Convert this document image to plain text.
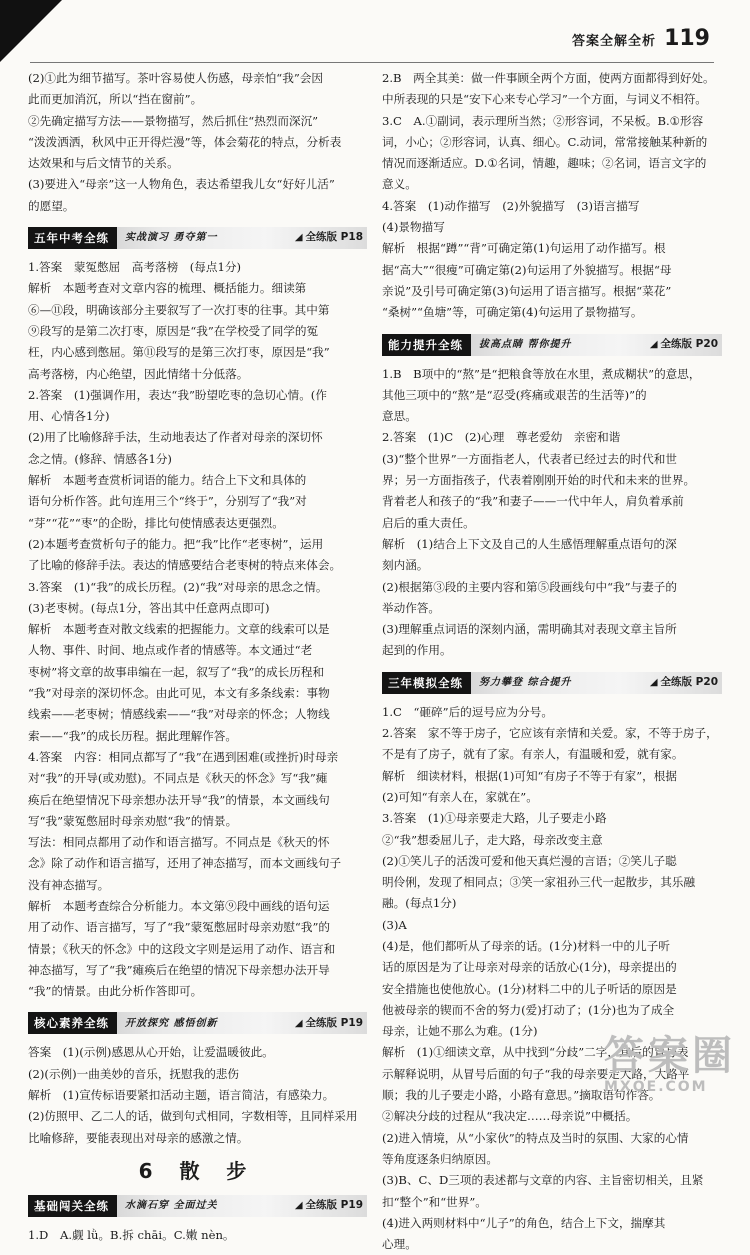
答案全解全析 119

(2)①此为细节描写。茶叶容易使人伤感，母亲怕“我”会因

此而更加消沉，所以“挡在窗前”。

②先确定描写方法——景物描写，然后抓住“热烈而深沉”

“泼泼洒洒，秋风中正开得烂漫”等，体会菊花的特点，分析表

达效果和与后文情节的关系。

(3)要进入“母亲”这一人物角色，表达希望我儿女“好好儿活”

的愿望。

五年中考全练	实战演习 勇夺第一	◢ 全练版 P18

1.答案　蒙冤憋屈　高考落榜　(每点1分)

解析　本题考查对文章内容的梳理、概括能力。细读第

⑥—⑪段，明确该部分主要叙写了一次打枣的往事。其中第

⑨段写的是第二次打枣，原因是“我”在学校受了同学的冤

枉，内心感到憋屈。第⑪段写的是第三次打枣，原因是“我”

高考落榜，内心绝望，因此情绪十分低落。

2.答案　(1)强调作用，表达“我”盼望吃枣的急切心情。(作

用、心情各1分)

(2)用了比喻修辞手法，生动地表达了作者对母亲的深切怀

念之情。(修辞、情感各1分)

解析　本题考查赏析词语的能力。结合上下文和具体的

语句分析作答。此句连用三个“终于”，分别写了“我”对

“芽”“花”“枣”的企盼，排比句使情感表达更强烈。

(2)本题考查赏析句子的能力。把“我”比作“老枣树”，运用

了比喻的修辞手法。表达的情感要结合老枣树的特点来体会。

3.答案　(1)“我”的成长历程。(2)“我”对母亲的思念之情。

(3)老枣树。(每点1分，答出其中任意两点即可)

解析　本题考查对散文线索的把握能力。文章的线索可以是

人物、事件、时间、地点或作者的情感等。本文通过“老

枣树”将文章的故事串编在一起，叙写了“我”的成长历程和

“我”对母亲的深切怀念。由此可见，本文有多条线索：事物

线索——老枣树；情感线索——“我”对母亲的怀念；人物线

索——“我”的成长历程。据此理解作答。

4.答案　内容：相同点都写了“我”在遇到困难(或挫折)时母亲

对“我”的开导(或劝慰)。不同点是《秋天的怀念》写“我”瘫

痪后在绝望情况下母亲想办法开导“我”的情景，本文画线句

写“我”蒙冤憋屈时母亲劝慰“我”的情景。

写法：相同点都用了动作和语言描写。不同点是《秋天的怀

念》除了动作和语言描写，还用了神态描写，而本文画线句子

没有神态描写。

解析　本题考查综合分析能力。本文第⑨段中画线的语句运

用了动作、语言描写，写了“我”蒙冤憋屈时母亲劝慰“我”的

情景；《秋天的怀念》中的这段文字则是运用了动作、语言和

神态描写，写了“我”瘫痪后在绝望的情况下母亲想办法开导

“我”的情景。由此分析作答即可。

核心素养全练	开放探究 感悟创新	◢ 全练版 P19

答案　(1)(示例)感恩从心开始，让爱温暖彼此。

(2)(示例)一曲美妙的音乐，抚慰我的悲伤

解析　(1)宣传标语要紧扣活动主题，语言简洁，有感染力。

(2)仿照甲、乙二人的话，做到句式相同，字数相等，且同样采用

比喻修辞，要能表现出对母亲的感激之情。

6 散 步
基础闯关全练	水滴石穿 全面过关	◢ 全练版 P19

1.D　A.觑 lǜ。B.拆 chāi。C.嫩 nèn。

2.B　两全其美：做一件事顾全两个方面，使两方面都得到好处。

中所表现的只是“安下心来专心学习”一个方面，与词义不相符。

3.C　A.①副词，表示理所当然；②形容词，不呆板。B.①形容

词，小心；②形容词，认真、细心。C.动词，常常接触某种新的

情况而逐渐适应。D.①名词，情趣，趣味；②名词，语言文字的

意义。

4.答案　(1)动作描写　(2)外貌描写　(3)语言描写

(4)景物描写

解析　根据“蹲”“背”可确定第(1)句运用了动作描写。根

据“高大”“很瘦”可确定第(2)句运用了外貌描写。根据“母

亲说”及引号可确定第(3)句运用了语言描写。根据“菜花”

“桑树”“鱼塘”等，可确定第(4)句运用了景物描写。

能力提升全练	拔高点睛 帮你提升	◢ 全练版 P20

1.B　B项中的“熬”是“把粮食等放在水里，煮成糊状”的意思，

其他三项中的“熬”是“忍受(疼痛或艰苦的生活等)”的

意思。

2.答案　(1)C　(2)心理　尊老爱幼　亲密和谐

(3)“整个世界”一方面指老人，代表者已经过去的时代和世

界；另一方面指孩子，代表着刚刚开始的时代和未来的世界。

背着老人和孩子的“我”和妻子——一代中年人，肩负着承前

启后的重大责任。

解析　(1)结合上下文及自己的人生感悟理解重点语句的深

刻内涵。

(2)根据第③段的主要内容和第⑤段画线句中“我”与妻子的

举动作答。

(3)理解重点词语的深刻内涵，需明确其对表现文章主旨所

起到的作用。

三年模拟全练	努力攀登 综合提升	◢ 全练版 P20

1.C　“砸碎”后的逗号应为分号。

2.答案　家不等于房子，它应该有亲情和关爱。家，不等于房子，

不是有了房子，就有了家。有亲人，有温暖和爱，就有家。

解析　细读材料，根据(1)可知“有房子不等于有家”，根据

(2)可知“有亲人在，家就在”。

3.答案　(1)①母亲要走大路，儿子要走小路

②“我”想委屈儿子，走大路，母亲改变主意

(2)①笑儿子的活泼可爱和他天真烂漫的言语；②笑儿子聪

明伶俐，发现了相同点；③笑一家祖孙三代一起散步，其乐融

融。(每点1分)

(3)A

(4)是，他们都听从了母亲的话。(1分)材料一中的儿子听

话的原因是为了让母亲对母亲的话放心(1分)，母亲提出的

安全措施也使他放心。(1分)材料二中的儿子听话的原因是

他被母亲的锲而不舍的努力(爱)打动了；(1分)也为了成全

母亲，让她不那么为难。(1分)

解析　(1)①细读文章，从中找到“分歧”二字，其后的冒号表

示解释说明，从冒号后面的句子“我的母亲要走大路，大路平

顺；我的儿子要走小路，小路有意思。”摘取语句作答。

②解决分歧的过程从“我决定……母亲说”中概括。

(2)进入情境，从“小家伙”的特点及当时的氛围、大家的心情

等角度逐条归纳原因。

(3)B、C、D三项的表述都与文章的内容、主旨密切相关，且紧

扣“整个”和“世界”。

(4)进入两则材料中“儿子”的角色，结合上下文，揣摩其

心理。

答案圈
MXQE.COM
